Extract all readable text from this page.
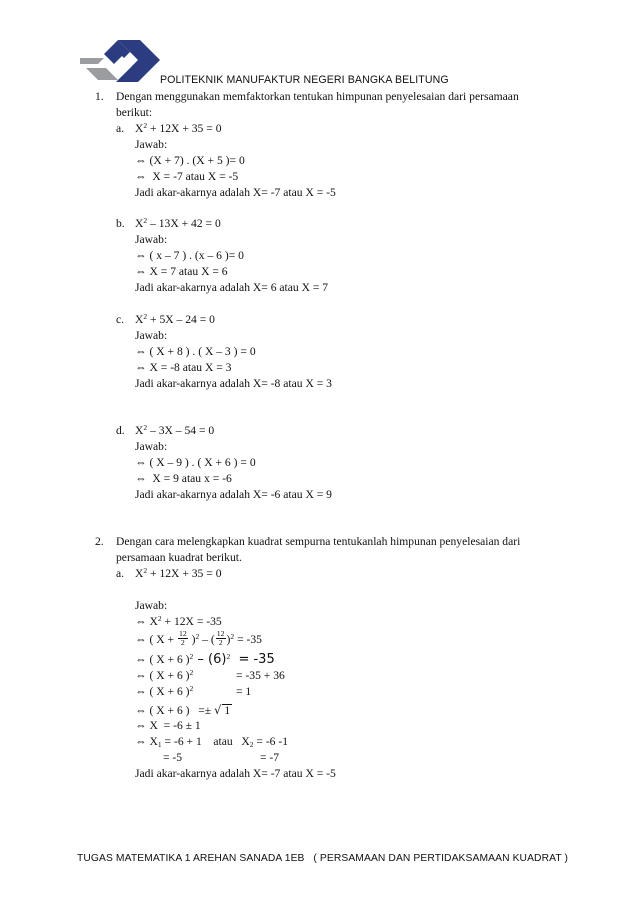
POLITEKNIK MANUFAKTUR NEGERI BANGKA BELITUNG
1. Dengan menggunakan memfaktorkan tentukan himpunan penyelesaian dari persamaan
berikut:
a. $X^2 + 12X + 35 = 0$
Jawab:
⇔ (X + 7) . (X + 5 )= 0
⇔  X = -7 atau X = -5
Jadi akar-akarnya adalah X= -7 atau X = -5
b. $X^2 - 13X + 42 = 0$
Jawab:
⇔ ( x – 7 ) . (x – 6 )= 0
⇔ X = 7 atau X = 6
Jadi akar-akarnya adalah X= 6 atau X = 7
c. $X^2 + 5X - 24 = 0$
Jawab:
⇔ ( X + 8 ) . ( X – 3 ) = 0
⇔ X = -8 atau X = 3
Jadi akar-akarnya adalah X= -8 atau X = 3
d. $X^2 - 3X - 54 = 0$
Jawab:
⇔ ( X – 9 ) . ( X + 6 ) = 0
⇔  X = 9 atau x = -6
Jadi akar-akarnya adalah X= -6 atau X = 9
2. Dengan cara melengkapkan kuadrat sempurna tentukanlah himpunan penyelesaian dari
persamaan kuadrat berikut.
a. $X^2 + 12X + 35 = 0$
Jawab:
⇔ $X^2 + 12X = -35$
⇔ ( $X + \frac{12}{2} )^2$ – ( $\frac{12}{2} )^2 = -35$
⇔ ( X + 6 )$^2 - (6)^2 = -35$
⇔ ( X + 6 )$^2$	= -35 + 36
⇔ ( X + 6 )$^2$	= 1
⇔ ( X + 6 )   =± √ 1
⇔ X  = -6 ± 1
⇔ $X_1 = -6 + 1$    atau   $X_2 = -6$ -1
= -5	= -7
Jadi akar-akarnya adalah X= -7 atau X = -5
TUGAS MATEMATIKA 1 AREHAN SANADA 1EB   ( PERSAMAAN DAN PERTIDAKSAMAAN KUADRAT )
